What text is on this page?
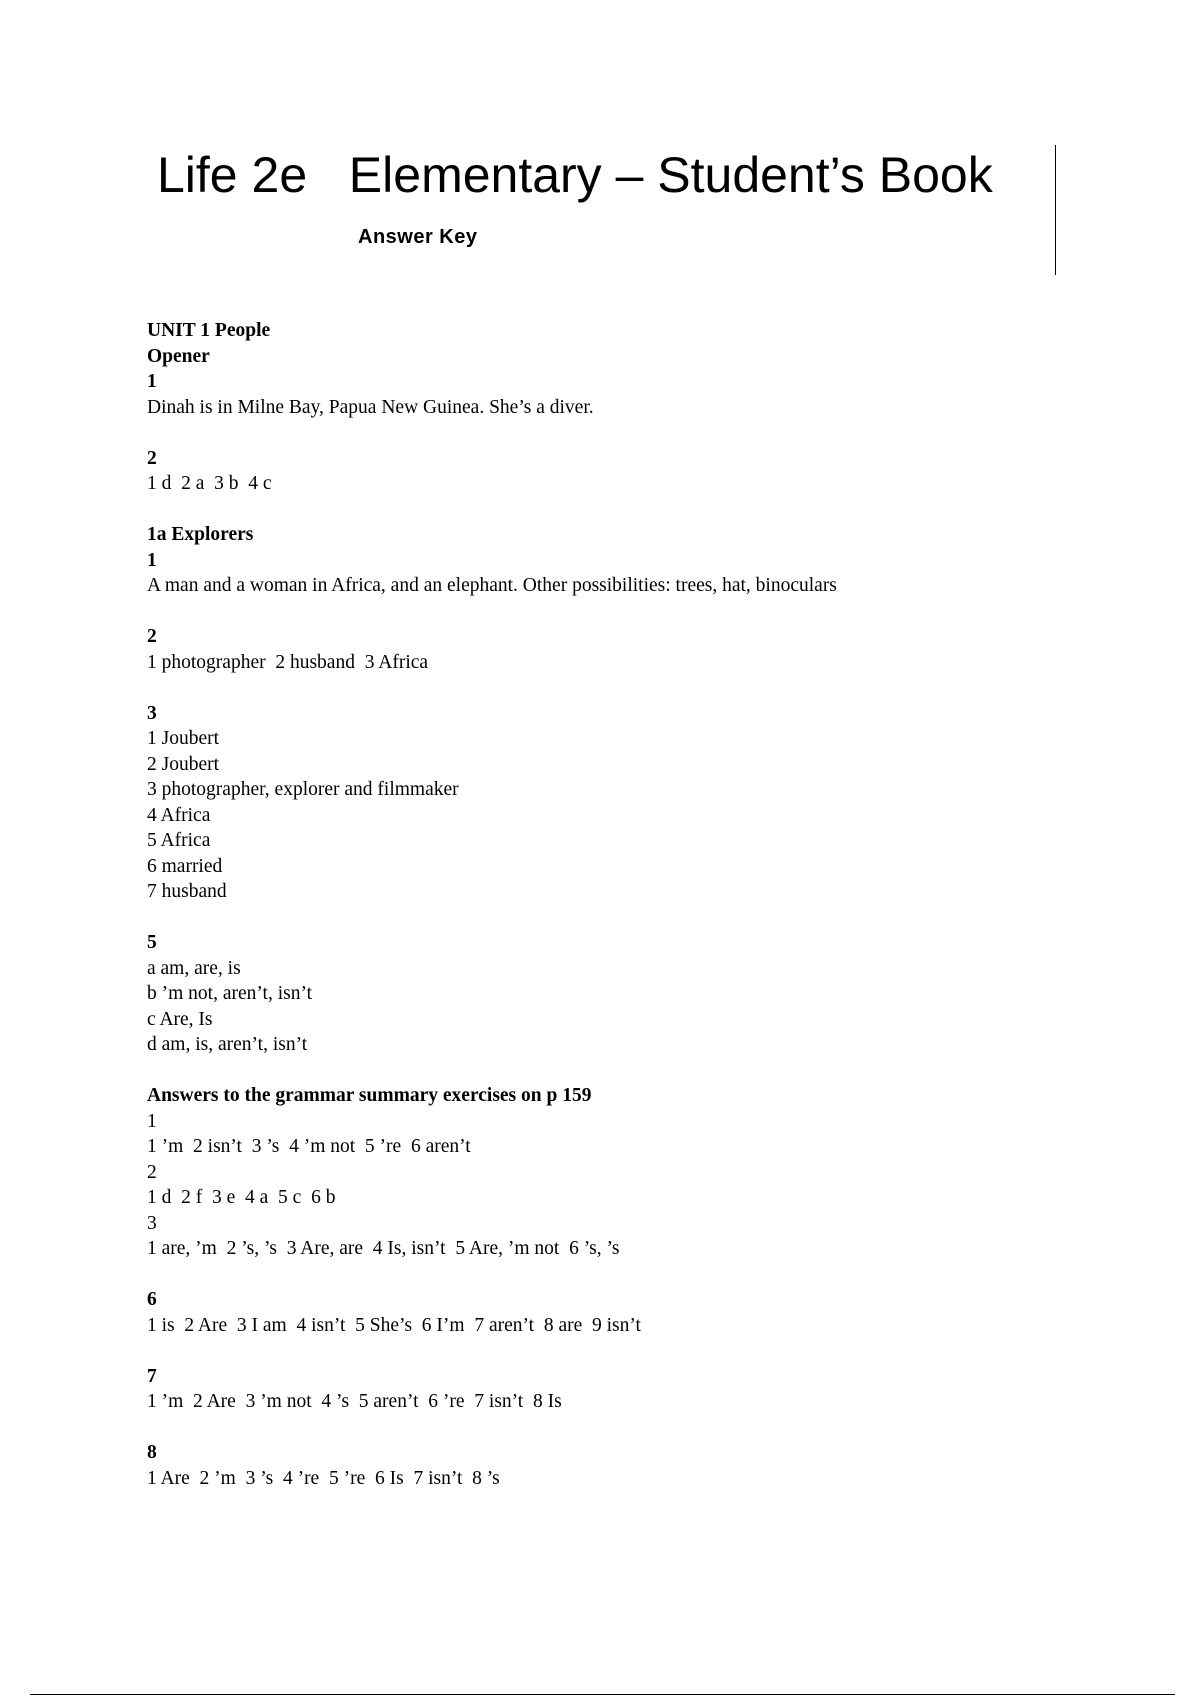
Life 2e   Elementary – Student’s Book
Answer Key
UNIT 1 People
Opener
1
Dinah is in Milne Bay, Papua New Guinea. She’s a diver.
2
1 d  2 a  3 b  4 c
1a Explorers
1
A man and a woman in Africa, and an elephant. Other possibilities: trees, hat, binoculars
2
1 photographer  2 husband  3 Africa
3
1 Joubert
2 Joubert
3 photographer, explorer and filmmaker
4 Africa
5 Africa
6 married
7 husband
5
a am, are, is
b ’m not, aren’t, isn’t
c Are, Is
d am, is, aren’t, isn’t
Answers to the grammar summary exercises on p 159
1
1 ’m  2 isn’t  3 ’s  4 ’m not  5 ’re  6 aren’t
2
1 d  2 f  3 e  4 a  5 c  6 b
3
1 are, ’m  2 ’s, ’s  3 Are, are  4 Is, isn’t  5 Are, ’m not  6 ’s, ’s
6
1 is  2 Are  3 I am  4 isn’t  5 She’s  6 I’m  7 aren’t  8 are  9 isn’t
7
1 ’m  2 Are  3 ’m not  4 ’s  5 aren’t  6 ’re  7 isn’t  8 Is
8
1 Are  2 ’m  3 ’s  4 ’re  5 ’re  6 Is  7 isn’t  8 ’s
